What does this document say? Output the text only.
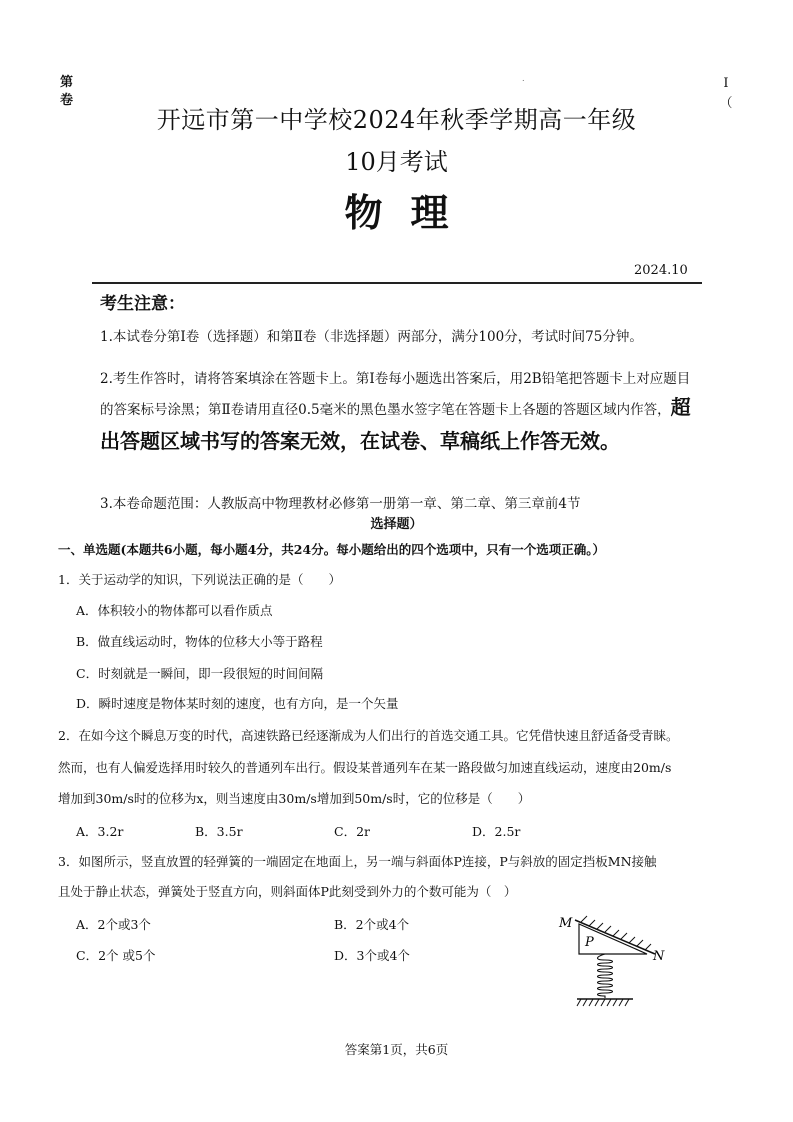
第
卷
.	I
（
开远市第一中学校2024年秋季学期高一年级
10月考试
物理
2024.10
考生注意：
1.本试卷分第Ⅰ卷（选择题）和第Ⅱ卷（非选择题）两部分，满分100分，考试时间75分钟。
2.考生作答时，请将答案填涂在答题卡上。第Ⅰ卷每小题选出答案后，用2B铅笔把答题卡上对应题目的答案标号涂黑；第Ⅱ卷请用直径0.5毫米的黑色墨水签字笔在答题卡上各题的答题区域内作答，超出答题区域书写的答案无效，在试卷、草稿纸上作答无效。
3.本卷命题范围：人教版高中物理教材必修第一册第一章、第二章、第三章前4节
选择题）
一、单选题(本题共6小题，每小题4分，共24分。每小题给出的四个选项中，只有一个选项正确。）
1．关于运动学的知识，下列说法正确的是（　　）
A．体积较小的物体都可以看作质点
B．做直线运动时，物体的位移大小等于路程
C．时刻就是一瞬间，即一段很短的时间间隔
D．瞬时速度是物体某时刻的速度，也有方向，是一个矢量
2．在如今这个瞬息万变的时代，高速铁路已经逐渐成为人们出行的首选交通工具。它凭借快速且舒适备受青睐。
然而，也有人偏爱选择用时较久的普通列车出行。假设某普通列车在某一路段做匀加速直线运动，速度由20m/s
增加到30m/s时的位移为x，则当速度由30m/s增加到50m/s时，它的位移是（　　）
A．3.2r	B．3.5r	C．2r	D．2.5r
3．如图所示，竖直放置的轻弹簧的一端固定在地面上，另一端与斜面体P连接，P与斜放的固定挡板MN接触
且处于静止状态，弹簧处于竖直方向，则斜面体P此刻受到外力的个数可能为（　）
A．2个或3个	B．2个或4个
C．2个 或5个	D．3个或4个
M
P
N
答案第1页，共6页
